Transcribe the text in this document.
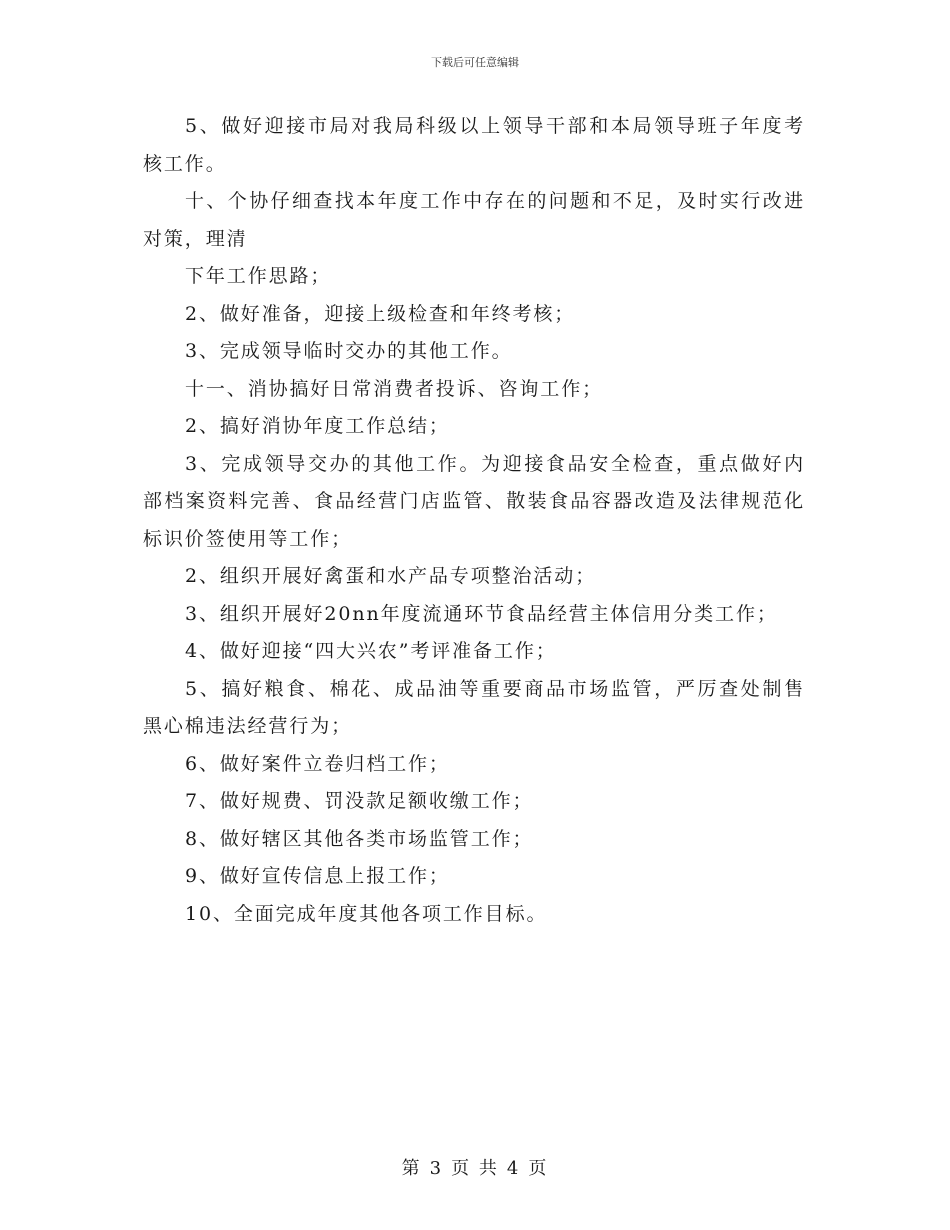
下载后可任意编辑

5、做好迎接市局对我局科级以上领导干部和本局领导班子年度考核工作。

十、个协仔细查找本年度工作中存在的问题和不足，及时实行改进对策，理清

下年工作思路；

2、做好准备，迎接上级检查和年终考核；

3、完成领导临时交办的其他工作。

十一、消协搞好日常消费者投诉、咨询工作；

2、搞好消协年度工作总结；

3、完成领导交办的其他工作。为迎接食品安全检查，重点做好内部档案资料完善、食品经营门店监管、散装食品容器改造及法律规范化标识价签使用等工作；

2、组织开展好禽蛋和水产品专项整治活动；

3、组织开展好20nn年度流通环节食品经营主体信用分类工作；

4、做好迎接“四大兴农”考评准备工作；

5、搞好粮食、棉花、成品油等重要商品市场监管，严厉查处制售黑心棉违法经营行为；

6、做好案件立卷归档工作；

7、做好规费、罚没款足额收缴工作；

8、做好辖区其他各类市场监管工作；

9、做好宣传信息上报工作；

10、全面完成年度其他各项工作目标。

第 3 页 共 4 页
